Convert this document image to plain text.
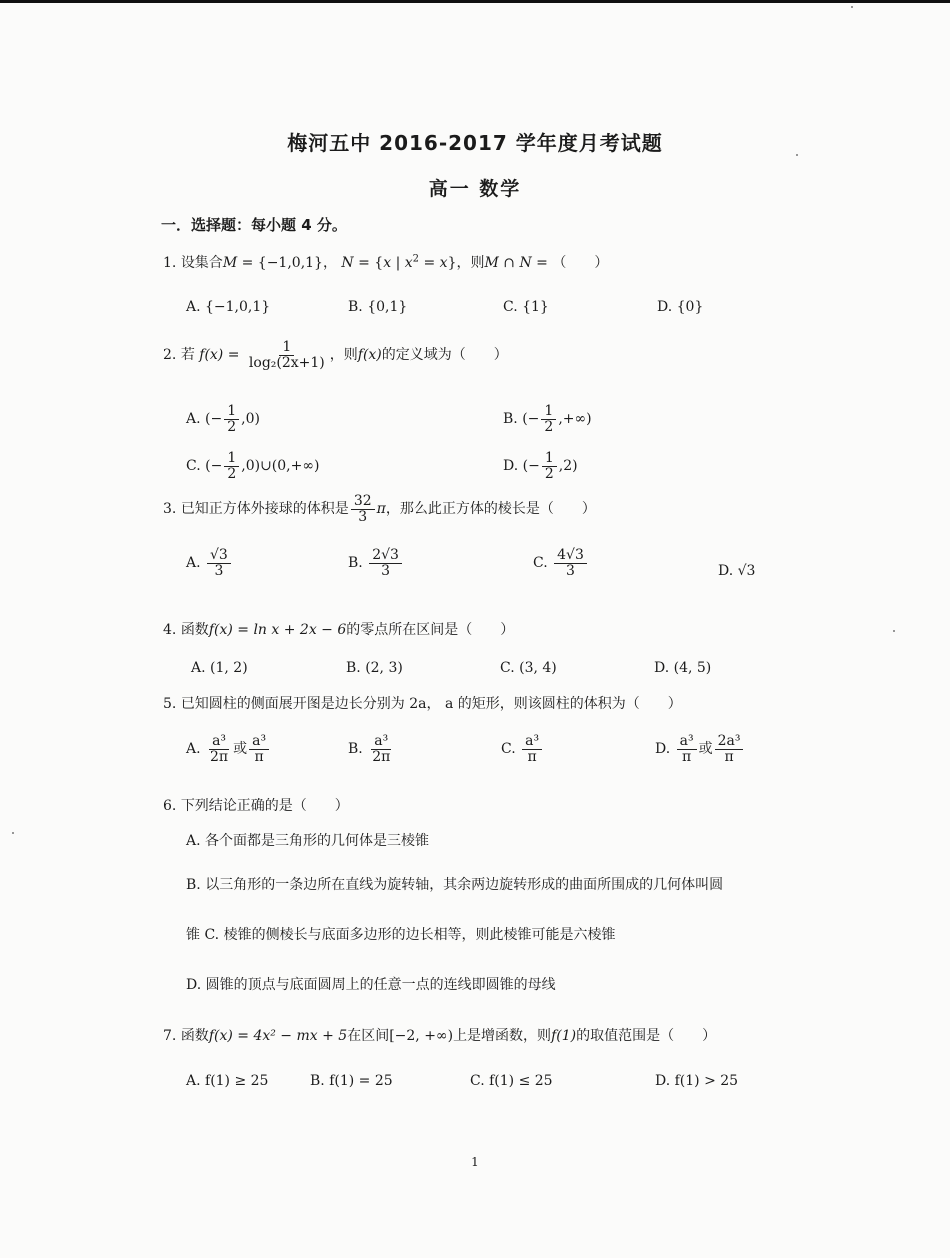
梅河五中 2016-2017 学年度月考试题
高一 数学
一．选择题：每小题 4 分。
1. 设集合M = {−1,0,1}， N = {x | $x^2 = x$}，则M ∩ N = （　　）
A. {−1,0,1}	B. {0,1}	C. {1}	D. {0}
2. 若 $f(x) = \frac{1}{\text{log₂(2x+1)}}$ ，则f(x)的定义域为（　　）
A. (− $\frac{1}{2} ,0$)	B. (− $\frac{1}{2}$ ,+∞)
C. (− $\frac{1}{2}$ ,0)∪(0,+∞)	D. (− $\frac{1}{2} ,2$)
3. 已知正方体外接球的体积是 $\frac{32}{3}$ π，那么此正方体的棱长是（　　）
A. $\frac{√3}{3}$	B. $\frac{2√3}{3}$	C. $\frac{4√3}{3}$	D. √3
4. 函数f(x) = ln x + 2x − 6的零点所在区间是（　　）
A. (1, 2)	B. (2, 3)	C. (3, 4)	D. (4, 5)
5. 已知圆柱的侧面展开图是边长分别为 2a， a 的矩形，则该圆柱的体积为（　　）
A. $\frac{\text{a³}}{2\pi}$ 或 $\frac{\text{a³}}{\pi}$	B. $\frac{\text{a³}}{2\pi}$	C. $\frac{\text{a³}}{\pi}$	D. $\frac{\text{a³}}{\pi}$ 或 $\frac{\text{2a³}}{\pi}$
6. 下列结论正确的是（　　）
A. 各个面都是三角形的几何体是三棱锥
B. 以三角形的一条边所在直线为旋转轴，其余两边旋转形成的曲面所围成的几何体叫圆
锥 C. 棱锥的侧棱长与底面多边形的边长相等，则此棱锥可能是六棱锥
D. 圆锥的顶点与底面圆周上的任意一点的连线即圆锥的母线
7. 函数f(x) = 4x² − mx + 5在区间[−2, +∞)上是增函数，则f(1)的取值范围是（　　）
A. f(1) ≥ 25	B. f(1) = 25	C. f(1) ≤ 25	D. f(1) > 25
1
